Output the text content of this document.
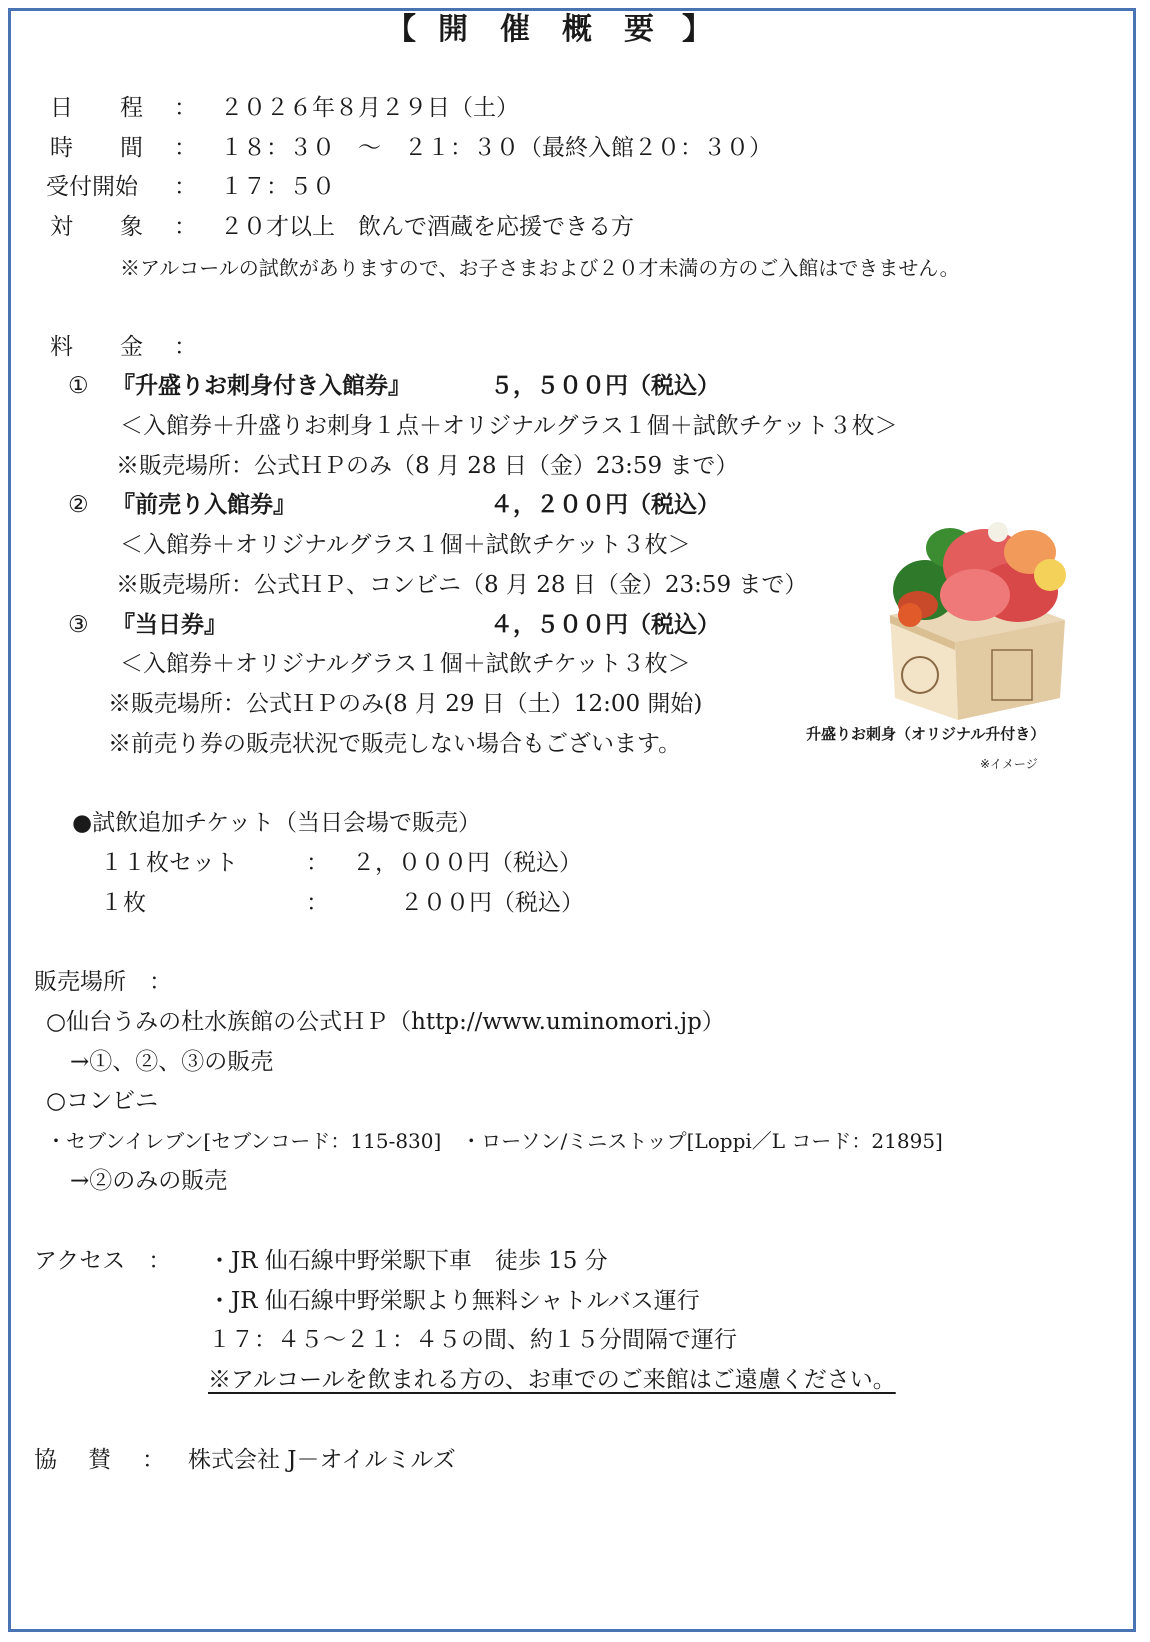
【 開 催 概 要 】
日 程 ： ２０２６年８月２９日（土）
時 間 ： １８：３０　～　２１：３０（最終入館２０：３０）
受付開始 ： １７：５０
対 象 ： ２０才以上　飲んで酒蔵を応援できる方
※アルコールの試飲がありますので、お子さまおよび２０才未満の方のご入館はできません。
料 金 ：
① 『升盛りお刺身付き入館券』	５，５００円（税込）
＜入館券＋升盛りお刺身１点＋オリジナルグラス１個＋試飲チケット３枚＞
※販売場所：公式ＨＰのみ（8 月 28 日（金）23:59 まで）
② 『前売り入館券』	４，２００円（税込）
＜入館券＋オリジナルグラス１個＋試飲チケット３枚＞
※販売場所：公式ＨＰ、コンビニ（8 月 28 日（金）23:59 まで）
③ 『当日券』	４，５００円（税込）
＜入館券＋オリジナルグラス１個＋試飲チケット３枚＞
※販売場所：公式ＨＰのみ(8 月 29 日（土）12:00 開始)
※前売り券の販売状況で販売しない場合もございます。	升盛りお刺身（オリジナル升付き）
※イメージ
●試飲追加チケット（当日会場で販売）
１１枚セット	： ２，０００円（税込）
１枚	：	２００円（税込）
販売場所　：
○仙台うみの杜水族館の公式ＨＰ（http://www.uminomori.jp）
→①、②、③の販売
○コンビニ
・セブンイレブン[セブンコード：115-830]　・ローソン/ミニストップ[Loppi／L コード：21895]
→②のみの販売
アクセス　： ・JR 仙石線中野栄駅下車　徒歩 15 分
・JR 仙石線中野栄駅より無料シャトルバス運行
１７：４５～２１：４５の間、約１５分間隔で運行
※アルコールを飲まれる方の、お車でのご来館はご遠慮ください。
協 賛 ： 株式会社 J－オイルミルズ
